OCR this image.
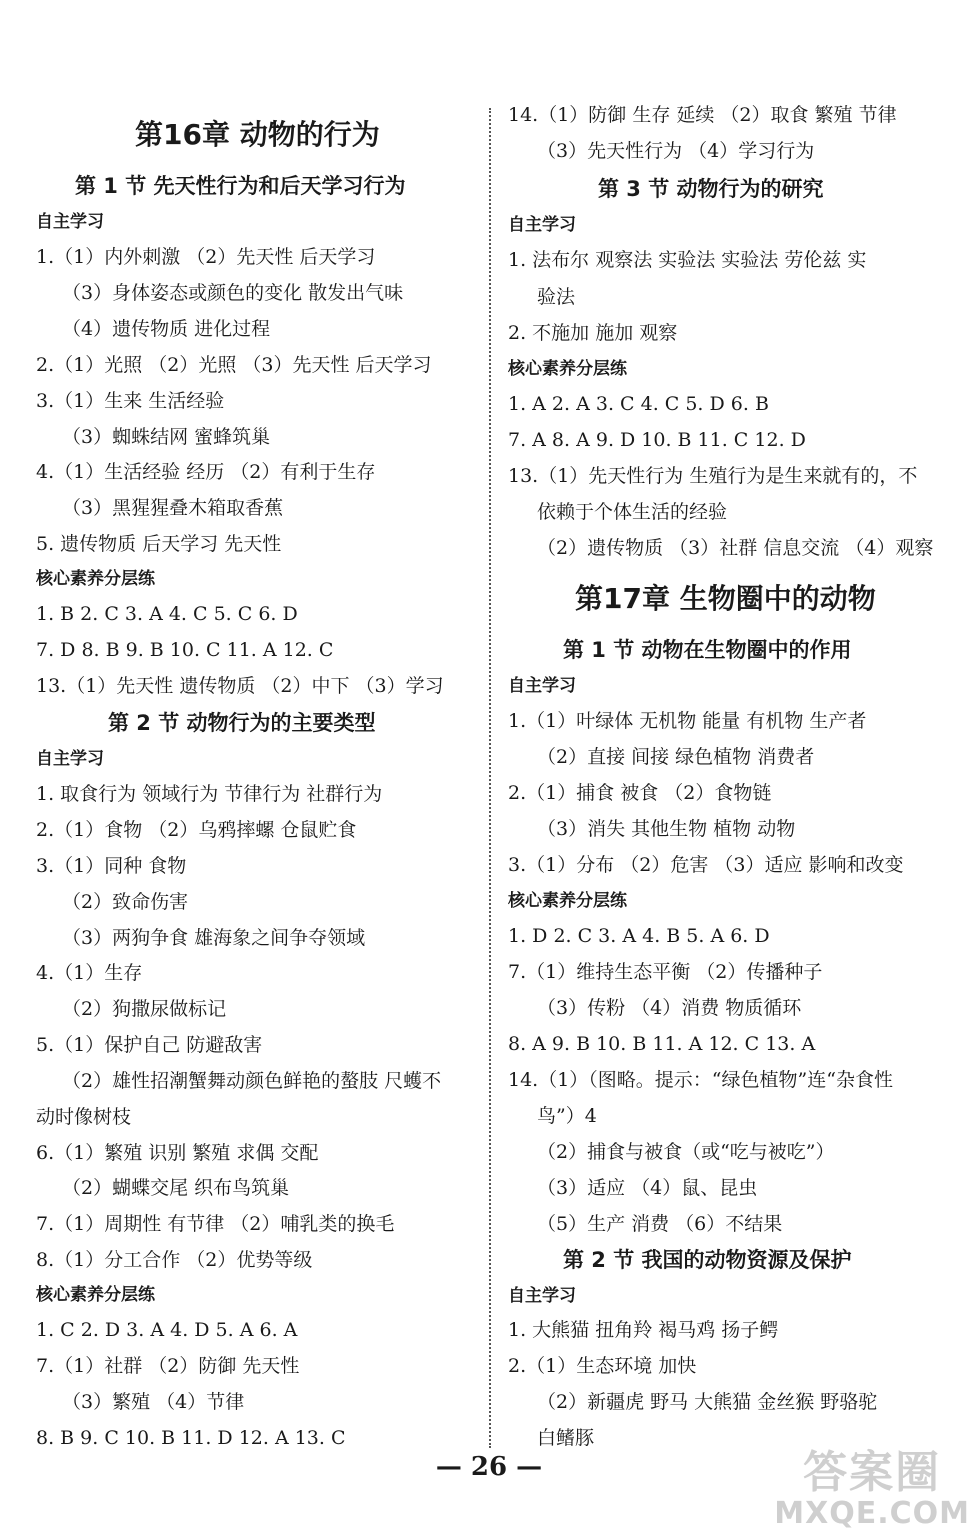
第16章 动物的行为
第 1 节 先天性行为和后天学习行为
自主学习
1.（1）内外刺激 （2）先天性 后天学习
（3）身体姿态或颜色的变化 散发出气味
（4）遗传物质 进化过程
2.（1）光照 （2）光照 （3）先天性 后天学习
3.（1）生来 生活经验
（3）蜘蛛结网 蜜蜂筑巢
4.（1）生活经验 经历 （2）有利于生存
（3）黑猩猩叠木箱取香蕉
5. 遗传物质 后天学习 先天性
核心素养分层练
1. B 2. C 3. A 4. C 5. C 6. D
7. D 8. B 9. B 10. C 11. A 12. C
13.（1）先天性 遗传物质 （2）中下 （3）学习
第 2 节 动物行为的主要类型
自主学习
1. 取食行为 领域行为 节律行为 社群行为
2.（1）食物 （2）乌鸦摔螺 仓鼠贮食
3.（1）同种 食物
（2）致命伤害
（3）两狗争食 雄海象之间争夺领域
4.（1）生存
（2）狗撒尿做标记
5.（1）保护自己 防避敌害
（2）雄性招潮蟹舞动颜色鲜艳的螯肢 尺蠖不
动时像树枝
6.（1）繁殖 识别 繁殖 求偶 交配
（2）蝴蝶交尾 织布鸟筑巢
7.（1）周期性 有节律 （2）哺乳类的换毛
8.（1）分工合作 （2）优势等级
核心素养分层练
1. C 2. D 3. A 4. D 5. A 6. A
7.（1）社群 （2）防御 先天性
（3）繁殖 （4）节律
8. B 9. C 10. B 11. D 12. A 13. C
14.（1）防御 生存 延续 （2）取食 繁殖 节律
（3）先天性行为 （4）学习行为
第 3 节 动物行为的研究
自主学习
1. 法布尔 观察法 实验法 实验法 劳伦兹 实
验法
2. 不施加 施加 观察
核心素养分层练
1. A 2. A 3. C 4. C 5. D 6. B
7. A 8. A 9. D 10. B 11. C 12. D
13.（1）先天性行为 生殖行为是生来就有的，不
依赖于个体生活的经验
（2）遗传物质 （3）社群 信息交流 （4）观察
第17章 生物圈中的动物
第 1 节 动物在生物圈中的作用
自主学习
1.（1）叶绿体 无机物 能量 有机物 生产者
（2）直接 间接 绿色植物 消费者
2.（1）捕食 被食 （2）食物链
（3）消失 其他生物 植物 动物
3.（1）分布 （2）危害 （3）适应 影响和改变
核心素养分层练
1. D 2. C 3. A 4. B 5. A 6. D
7.（1）维持生态平衡 （2）传播种子
（3）传粉 （4）消费 物质循环
8. A 9. B 10. B 11. A 12. C 13. A
14.（1）（图略。提示：“绿色植物”连“杂食性
鸟”）4
（2）捕食与被食（或“吃与被吃”）
（3）适应 （4）鼠、昆虫
（5）生产 消费 （6）不结果
第 2 节 我国的动物资源及保护
自主学习
1. 大熊猫 扭角羚 褐马鸡 扬子鳄
2.（1）生态环境 加快
（2）新疆虎 野马 大熊猫 金丝猴 野骆驼
白鳍豚
— 26 —	答案圈
MXQE.COM
